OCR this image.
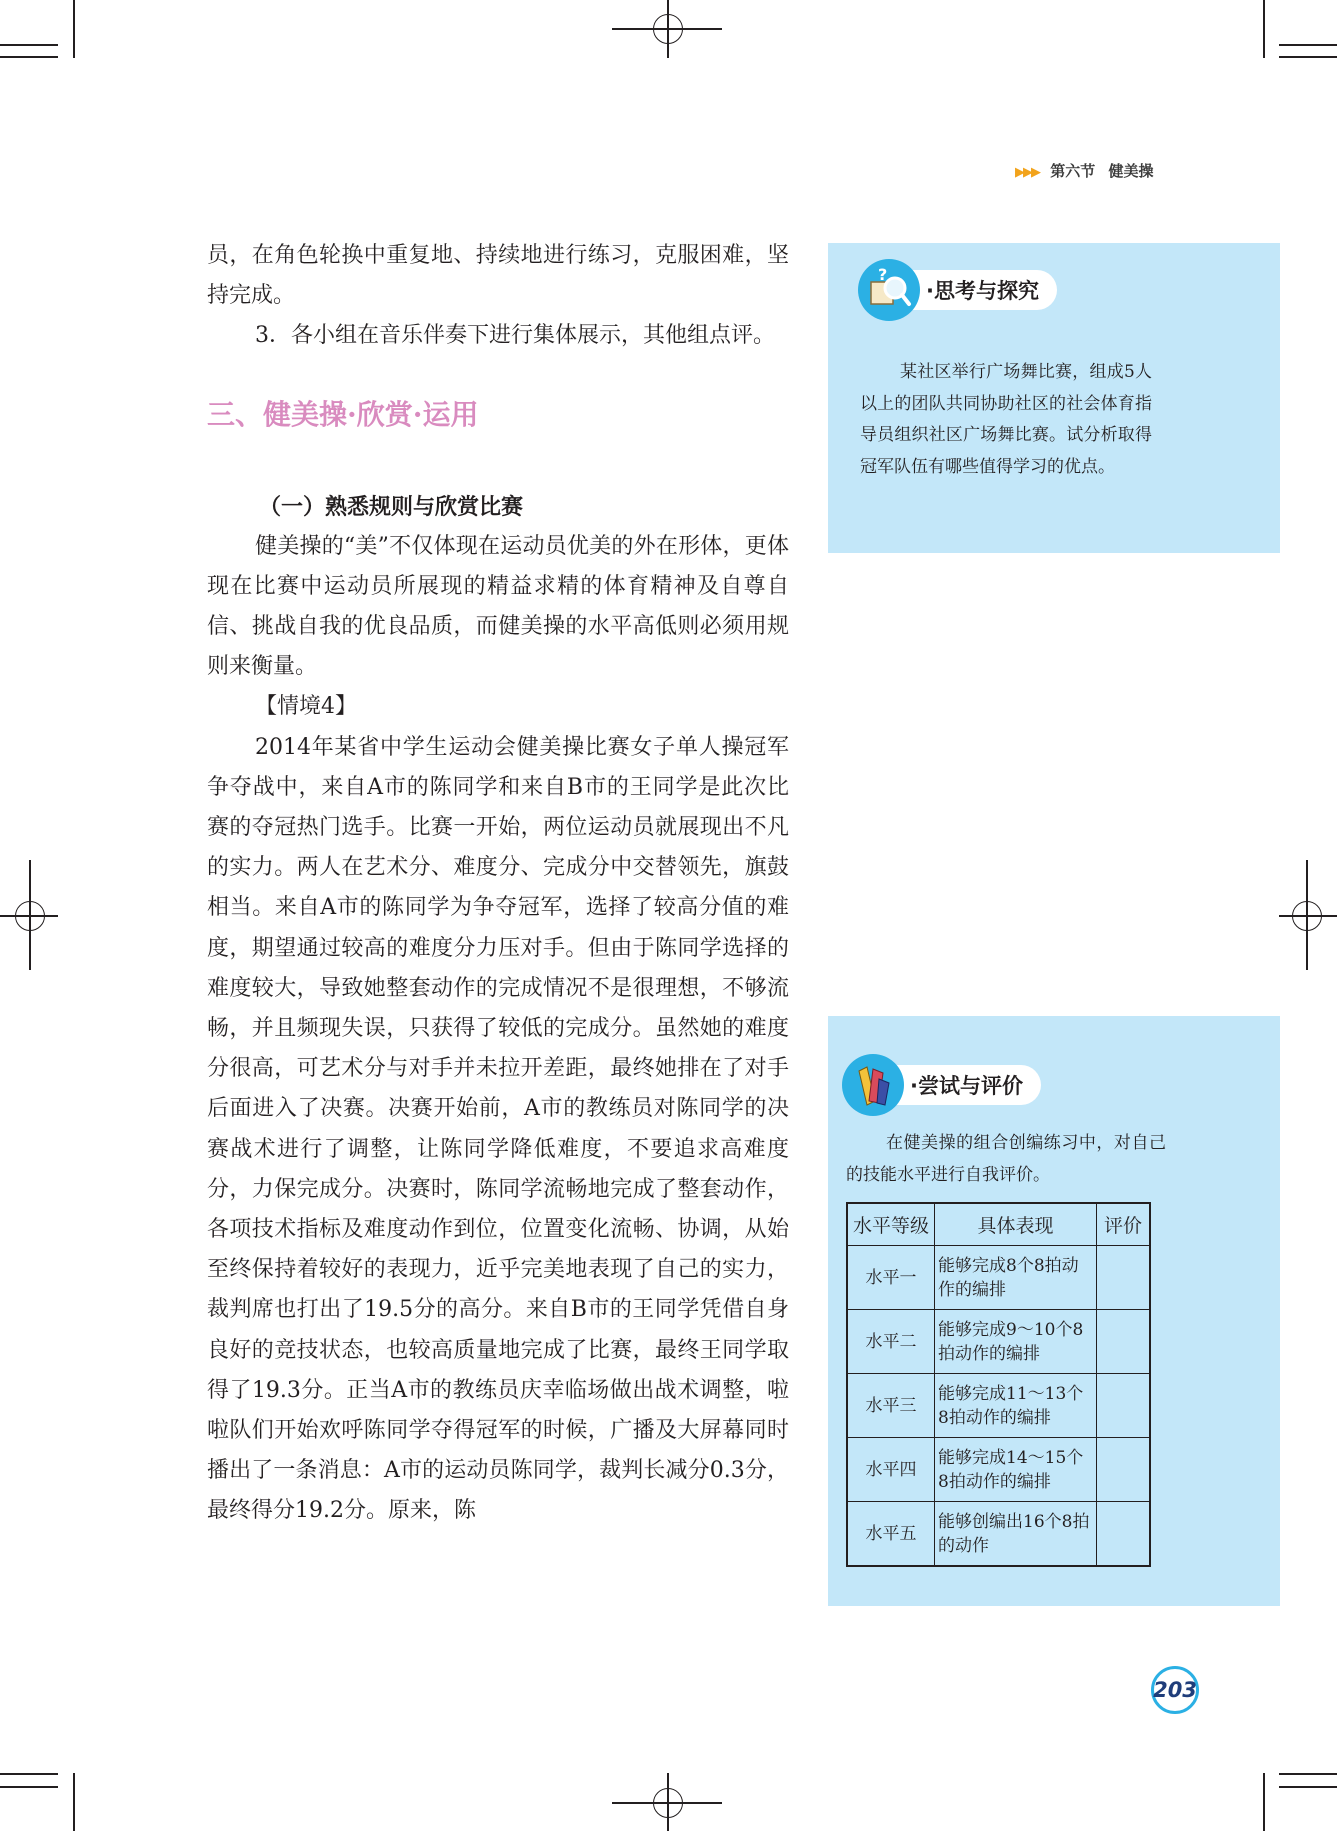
▶▶▶ 第六节 健美操

员，在角色轮换中重复地、持续地进行练习，克服困难，坚持完成。

3．各小组在音乐伴奏下进行集体展示，其他组点评。

三、健美操·欣赏·运用
（一）熟悉规则与欣赏比赛

健美操的“美”不仅体现在运动员优美的外在形体，更体现在比赛中运动员所展现的精益求精的体育精神及自尊自信、挑战自我的优良品质，而健美操的水平高低则必须用规则来衡量。

【情境4】

2014年某省中学生运动会健美操比赛女子单人操冠军争夺战中，来自A市的陈同学和来自B市的王同学是此次比赛的夺冠热门选手。比赛一开始，两位运动员就展现出不凡的实力。两人在艺术分、难度分、完成分中交替领先，旗鼓相当。来自A市的陈同学为争夺冠军，选择了较高分值的难度，期望通过较高的难度分力压对手。但由于陈同学选择的难度较大，导致她整套动作的完成情况不是很理想，不够流畅，并且频现失误，只获得了较低的完成分。虽然她的难度分很高，可艺术分与对手并未拉开差距，最终她排在了对手后面进入了决赛。决赛开始前，A市的教练员对陈同学的决赛战术进行了调整，让陈同学降低难度，不要追求高难度分，力保完成分。决赛时，陈同学流畅地完成了整套动作，各项技术指标及难度动作到位，位置变化流畅、协调，从始至终保持着较好的表现力，近乎完美地表现了自己的实力，裁判席也打出了19.5分的高分。来自B市的王同学凭借自身良好的竞技状态，也较高质量地完成了比赛，最终王同学取得了19.3分。正当A市的教练员庆幸临场做出战术调整，啦啦队们开始欢呼陈同学夺得冠军的时候，广播及大屏幕同时播出了一条消息：A市的运动员陈同学，裁判长减分0.3分，最终得分19.2分。原来，陈

?
·思考与探究
某社区举行广场舞比赛，组成5人以上的团队共同协助社区的社会体育指导员组织社区广场舞比赛。试分析取得冠军队伍有哪些值得学习的优点。
·尝试与评价
在健美操的组合创编练习中，对自己的技能水平进行自我评价。
水平等级	具体表现	评价
水平一	能够完成8个8拍动作的编排	
水平二	能够完成9～10个8拍动作的编排	
水平三	能够完成11～13个8拍动作的编排	
水平四	能够完成14～15个8拍动作的编排	
水平五	能够创编出16个8拍的动作	
203
